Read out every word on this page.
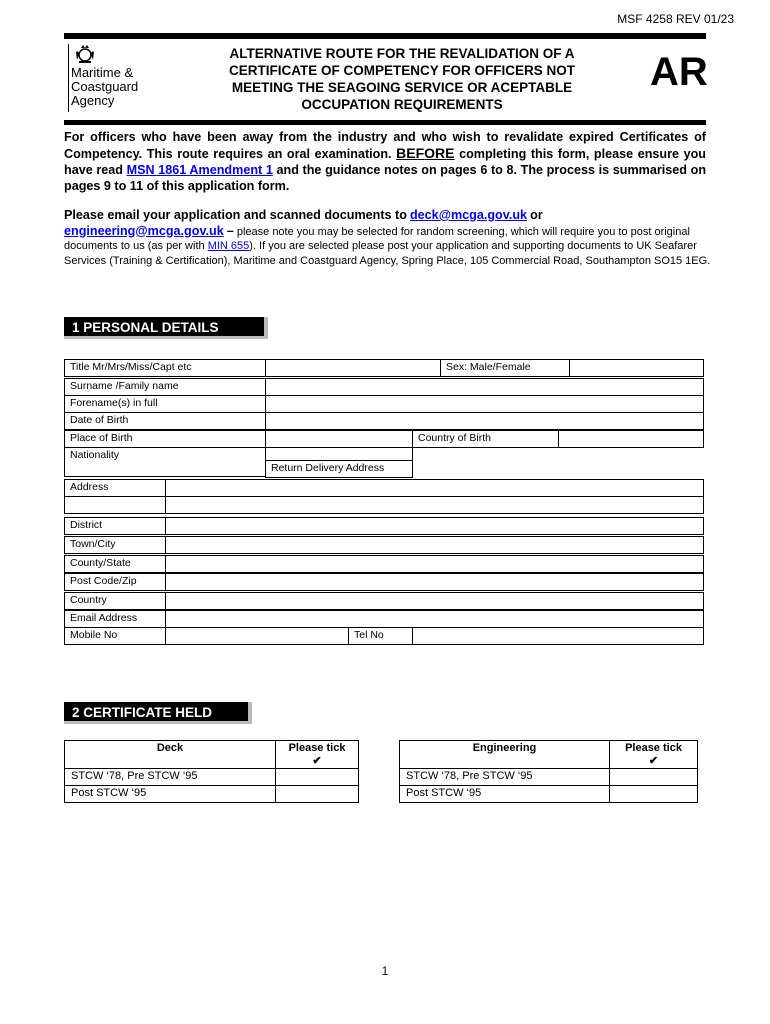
MSF 4258 REV 01/23
Maritime &
Coastguard
Agency
ALTERNATIVE ROUTE FOR THE REVALIDATION OF A
CERTIFICATE OF COMPETENCY FOR OFFICERS NOT
MEETING THE SEAGOING SERVICE OR ACEPTABLE
OCCUPATION REQUIREMENTS
AR
For officers who have been away from the industry and who wish to revalidate expired Certificates of Competency. This route requires an oral examination. BEFORE completing this form, please ensure you have read MSN 1861 Amendment 1 and the guidance notes on pages 6 to 8. The process is summarised on pages 9 to 11 of this application form.
Please email your application and scanned documents to deck@mcga.gov.uk or
engineering@mcga.gov.uk – please note you may be selected for random screening, which will require you to post original documents to us (as per with MIN 655). If you are selected please post your application and supporting documents to UK Seafarer Services (Training & Certification), Maritime and Coastguard Agency, Spring Place, 105 Commercial Road, Southampton SO15 1EG.
1 PERSONAL DETAILS
Title Mr/Mrs/Miss/Capt etc	Sex: Male/Female
Surname /Family name
Forename(s) in full
Date of Birth
Place of Birth	Country of Birth
Nationality
Return Delivery Address
Address
District
Town/City
County/State
Post Code/Zip
Country
Email Address
Mobile No	Tel No
2 CERTIFICATE HELD
Deck	Please tick
✔

STCW ‘78, Pre STCW ‘95	
Post STCW ‘95	
Engineering	Please tick
✔

STCW ‘78, Pre STCW ‘95	
Post STCW ‘95	
1
